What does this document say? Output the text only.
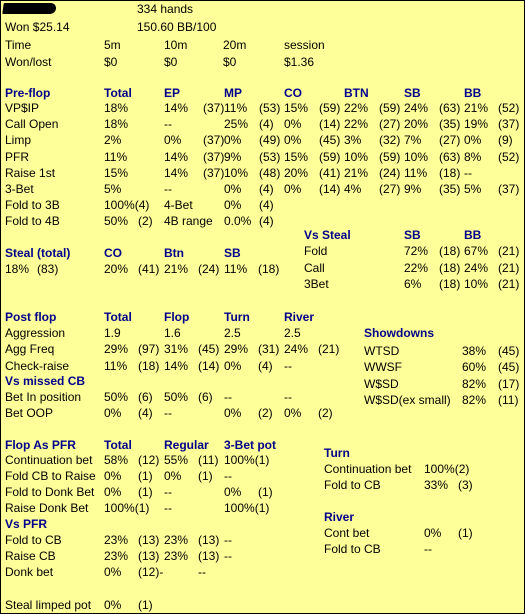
334 hands
Won $25.14	150.60 BB/100
Time	5m	10m	20m	session
Won/lost	$0	$0	$0	$1.36
Pre-flop	Total	EP	MP	CO	BTN	SB	BB
VP$IP	18%	14% (37) 11% (53) 15% (59) 22% (59) 24% (63) 21% (52)
Call Open	18%	--	25% (4) 0% (14) 22% (27) 20% (35) 19% (37)
Limp	2%	0% (37) 0% (49) 0% (45) 3% (32) 7% (27) 0% (9)
PFR	11%	14% (37) 9% (53) 15% (59) 10% (59) 10% (63) 8% (52)
Raise 1st	15%	14% (37) 10% (48) 20% (41) 21% (24) 11% (18) --
3-Bet	5%	--	0% (4) 0% (14) 4% (27) 9% (35) 5% (37)
Fold to 3B	100%(4) 4-Bet	0% (4)
Fold to 4B	50% (2) 4B range 0.0% (4)
Steal (total)	CO	Btn	SB
18% (83)	20% (41) 21% (24) 11% (18)
Vs Steal	SB	BB
Fold	72% (18) 67% (21)
Call	22% (18) 24% (21)
3Bet	6% (18) 10% (21)
Post flop	Total	Flop	Turn	River
Aggression	1.9	1.6	2.5	2.5
Agg Freq	29% (97) 31% (45) 29% (31) 24% (21)
Check-raise	11% (18) 14% (14) 0% (4) --
Vs missed CB
Bet In position 50% (6) 50% (6) --	--
Bet OOP	0% (4) --	0% (2) 0% (2)
Showdowns
WTSD	38% (45)
WWSF	60% (45)
W$SD	82% (17)
W$SD(ex small) 82% (11)
Flop As PFR Total	Regular 3-Bet pot
Continuation bet 58% (12) 55% (11) 100%(1)
Fold CB to Raise 0% (1) 0% (1) --
Fold to Donk Bet 0% (1) --	0% (1)
Raise Donk Bet 100%(1) --	100%(1)
Vs PFR
Fold to CB	23% (13) 23% (13) --
Raise CB	23% (13) 23% (13) --
Donk bet	0% (12)-	--
Turn
Continuation bet 100%(2)
Fold to CB	33% (3)
River
Cont bet	0% (1)
Fold to CB	--
Steal limped pot 0% (1)
